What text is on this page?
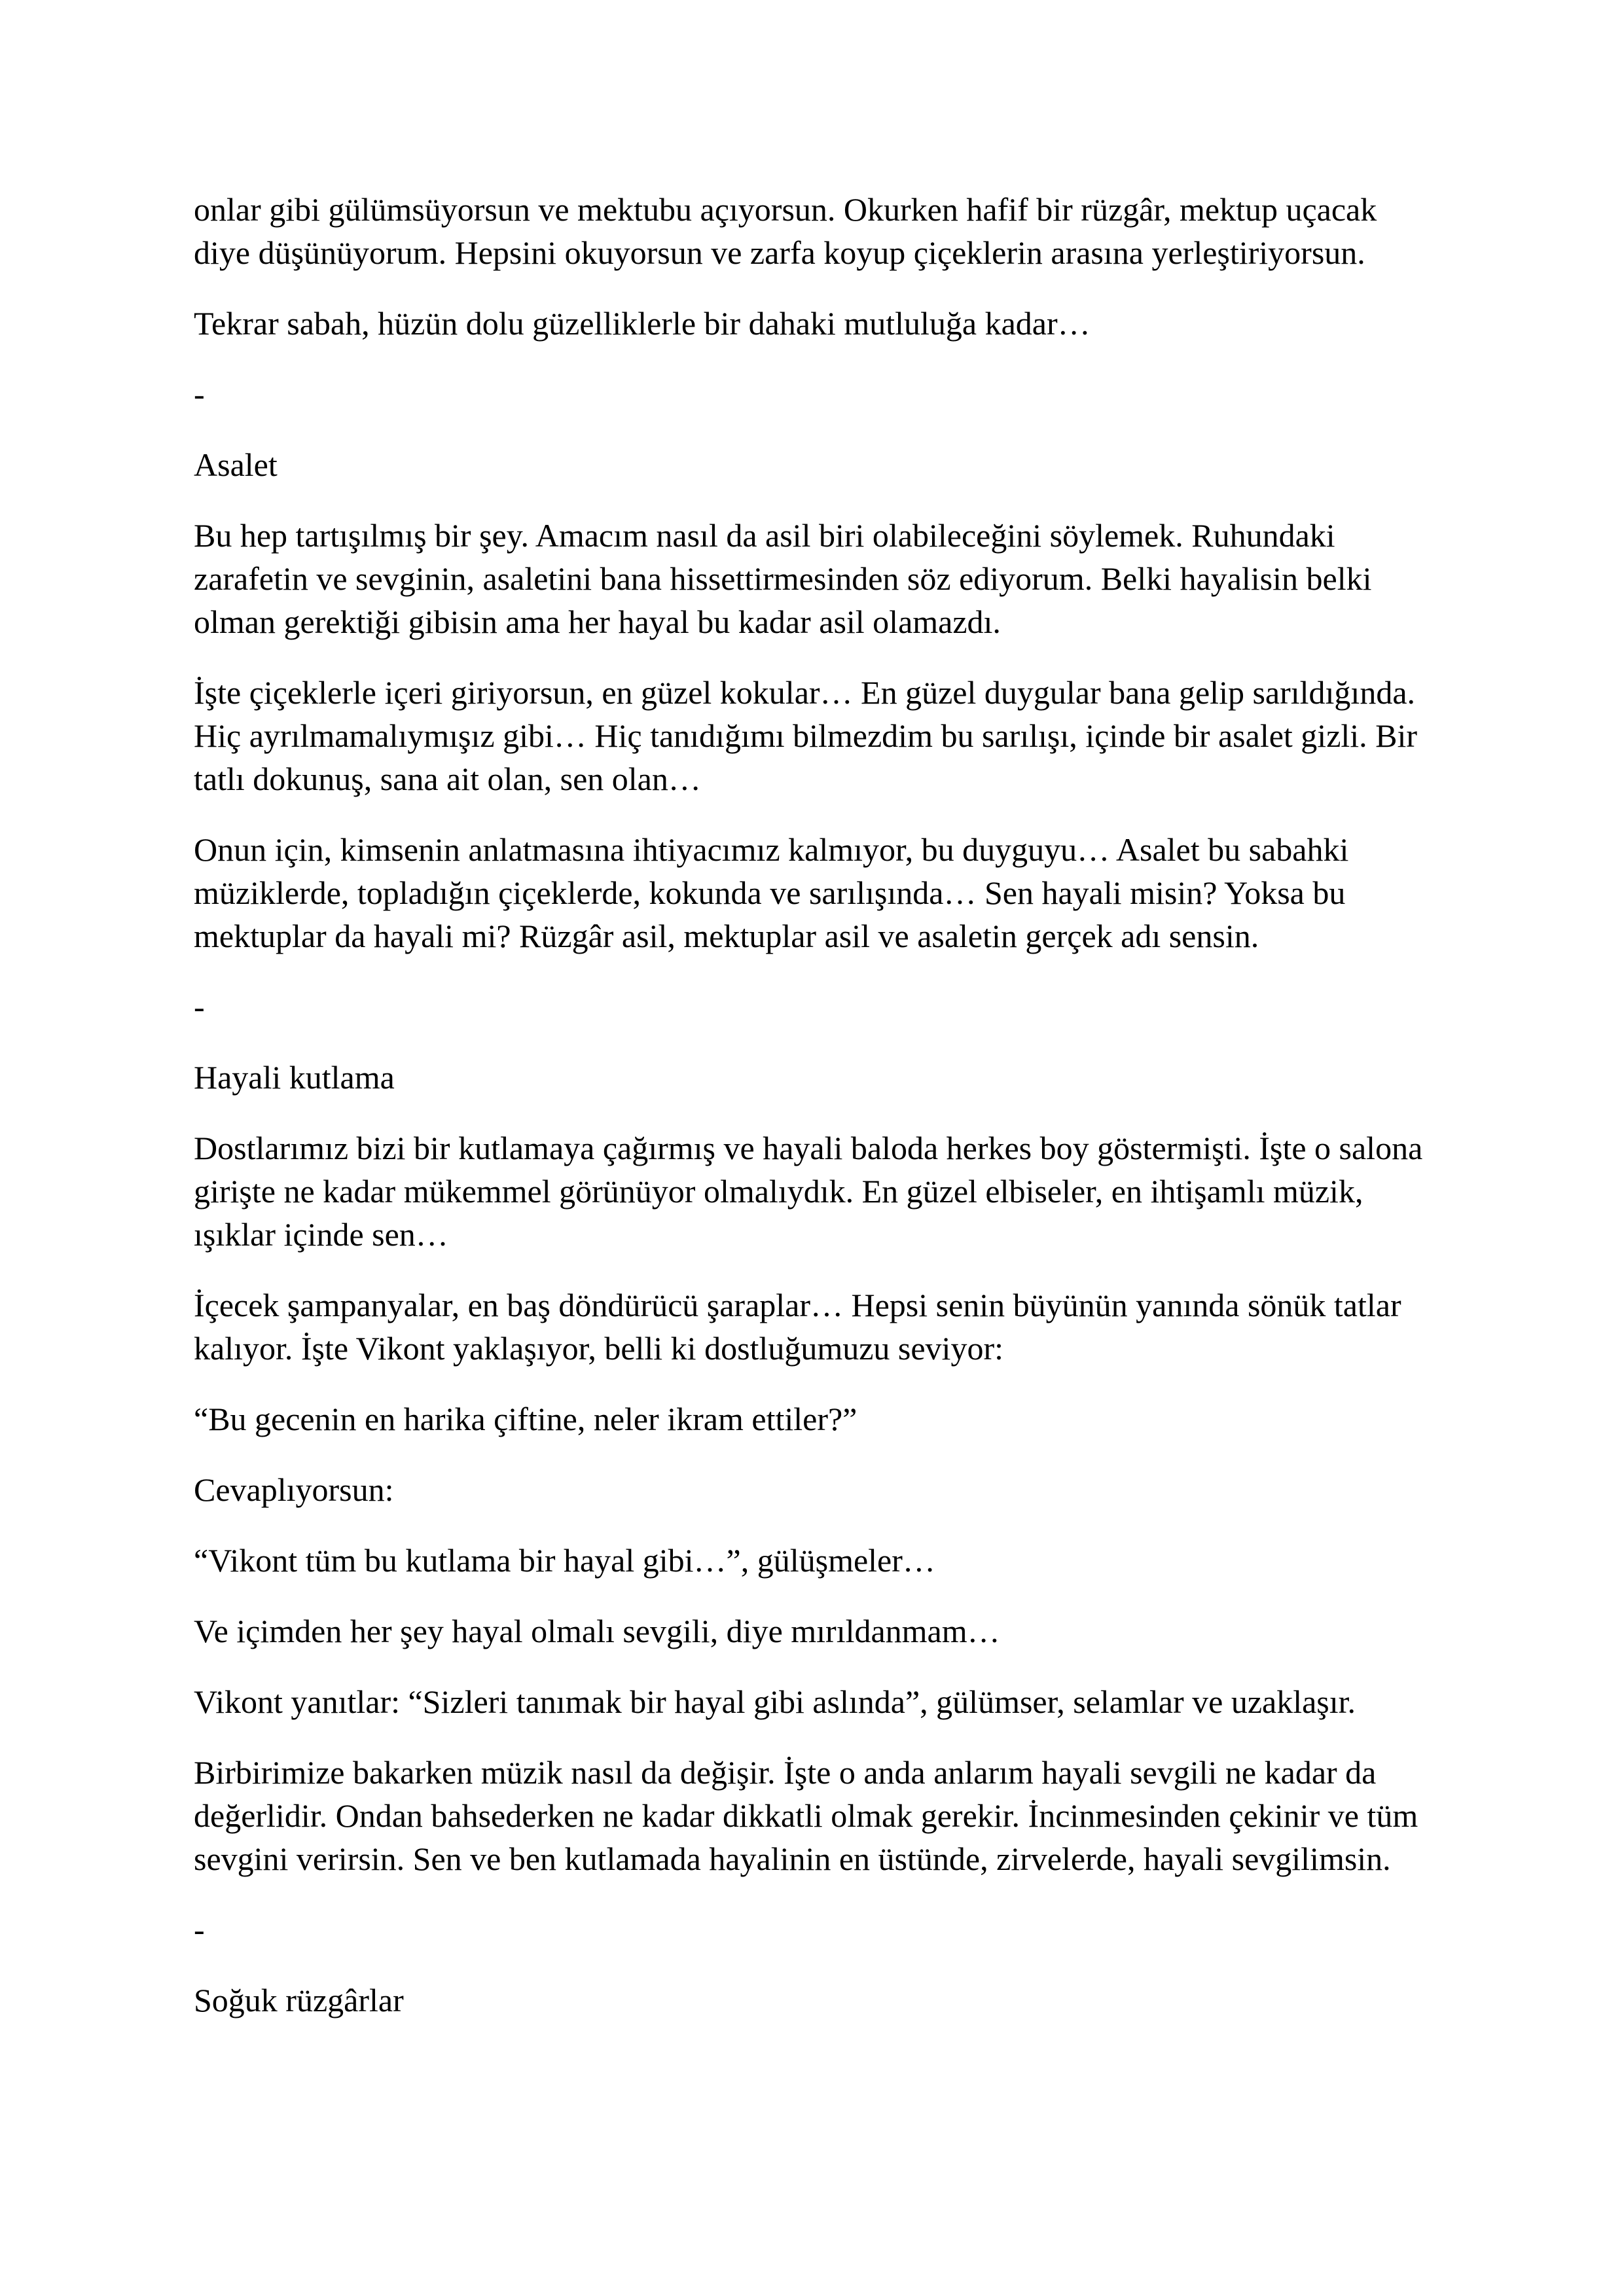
onlar gibi gülümsüyorsun ve mektubu açıyorsun. Okurken hafif bir rüzgâr, mektup uçacak
diye düşünüyorum. Hepsini okuyorsun ve zarfa koyup çiçeklerin arasına yerleştiriyorsun.

Tekrar sabah, hüzün dolu güzelliklerle bir dahaki mutluluğa kadar…

-

Asalet

Bu hep tartışılmış bir şey. Amacım nasıl da asil biri olabileceğini söylemek. Ruhundaki
zarafetin ve sevginin, asaletini bana hissettirmesinden söz ediyorum. Belki hayalisin belki
olman gerektiği gibisin ama her hayal bu kadar asil olamazdı.

İşte çiçeklerle içeri giriyorsun, en güzel kokular… En güzel duygular bana gelip sarıldığında.
Hiç ayrılmamalıymışız gibi… Hiç tanıdığımı bilmezdim bu sarılışı, içinde bir asalet gizli. Bir
tatlı dokunuş, sana ait olan, sen olan…

Onun için, kimsenin anlatmasına ihtiyacımız kalmıyor, bu duyguyu… Asalet bu sabahki
müziklerde, topladığın çiçeklerde, kokunda ve sarılışında… Sen hayali misin? Yoksa bu
mektuplar da hayali mi? Rüzgâr asil, mektuplar asil ve asaletin gerçek adı sensin.

-

Hayali kutlama

Dostlarımız bizi bir kutlamaya çağırmış ve hayali baloda herkes boy göstermişti. İşte o salona
girişte ne kadar mükemmel görünüyor olmalıydık. En güzel elbiseler, en ihtişamlı müzik,
ışıklar içinde sen…

İçecek şampanyalar, en baş döndürücü şaraplar… Hepsi senin büyünün yanında sönük tatlar
kalıyor. İşte Vikont yaklaşıyor, belli ki dostluğumuzu seviyor:

“Bu gecenin en harika çiftine, neler ikram ettiler?”

Cevaplıyorsun:

“Vikont tüm bu kutlama bir hayal gibi…”, gülüşmeler…

Ve içimden her şey hayal olmalı sevgili, diye mırıldanmam…

Vikont yanıtlar: “Sizleri tanımak bir hayal gibi aslında”, gülümser, selamlar ve uzaklaşır.

Birbirimize bakarken müzik nasıl da değişir. İşte o anda anlarım hayali sevgili ne kadar da
değerlidir. Ondan bahsederken ne kadar dikkatli olmak gerekir. İncinmesinden çekinir ve tüm
sevgini verirsin. Sen ve ben kutlamada hayalinin en üstünde, zirvelerde, hayali sevgilimsin.

-

Soğuk rüzgârlar
